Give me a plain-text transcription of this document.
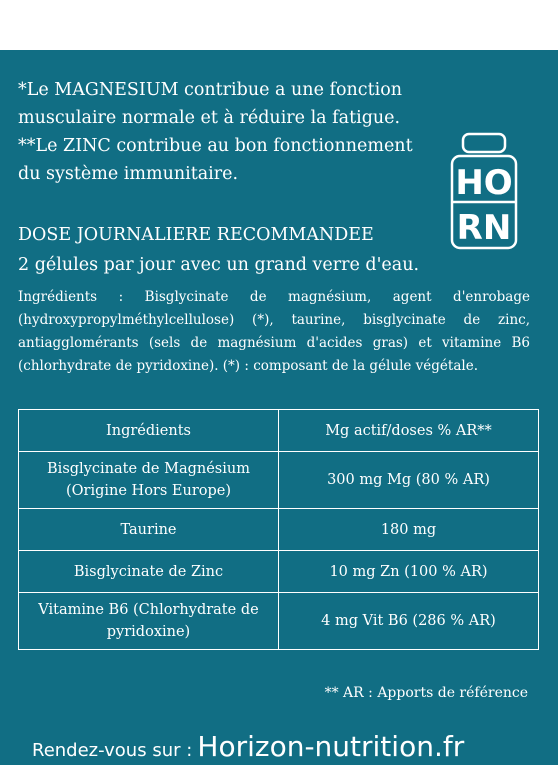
*Le MAGNESIUM contribue a une fonction

musculaire normale et à réduire la fatigue.

**Le ZINC contribue au bon fonctionnement

du système immunitaire.	HO
RN

DOSE JOURNALIERE RECOMMANDEE

2 gélules par jour avec un grand verre d'eau.

Ingrédients : Bisglycinate de magnésium, agent d'enrobage (hydroxypropylméthylcellulose) (*), taurine, bisglycinate de zinc, antiagglomérants (sels de magnésium d'acides gras) et vitamine B6 (chlorhydrate de pyridoxine). (*) : composant de la gélule végétale.

Ingrédients	Mg actif/doses % AR**
Bisglycinate de Magnésium (Origine Hors Europe)	300 mg Mg (80 % AR)
Taurine	180 mg
Bisglycinate de Zinc	10 mg Zn (100 % AR)
Vitamine B6 (Chlorhydrate de pyridoxine)	4 mg Vit B6 (286 % AR)

** AR : Apports de référence

Rendez-vous sur : Horizon-nutrition.fr
